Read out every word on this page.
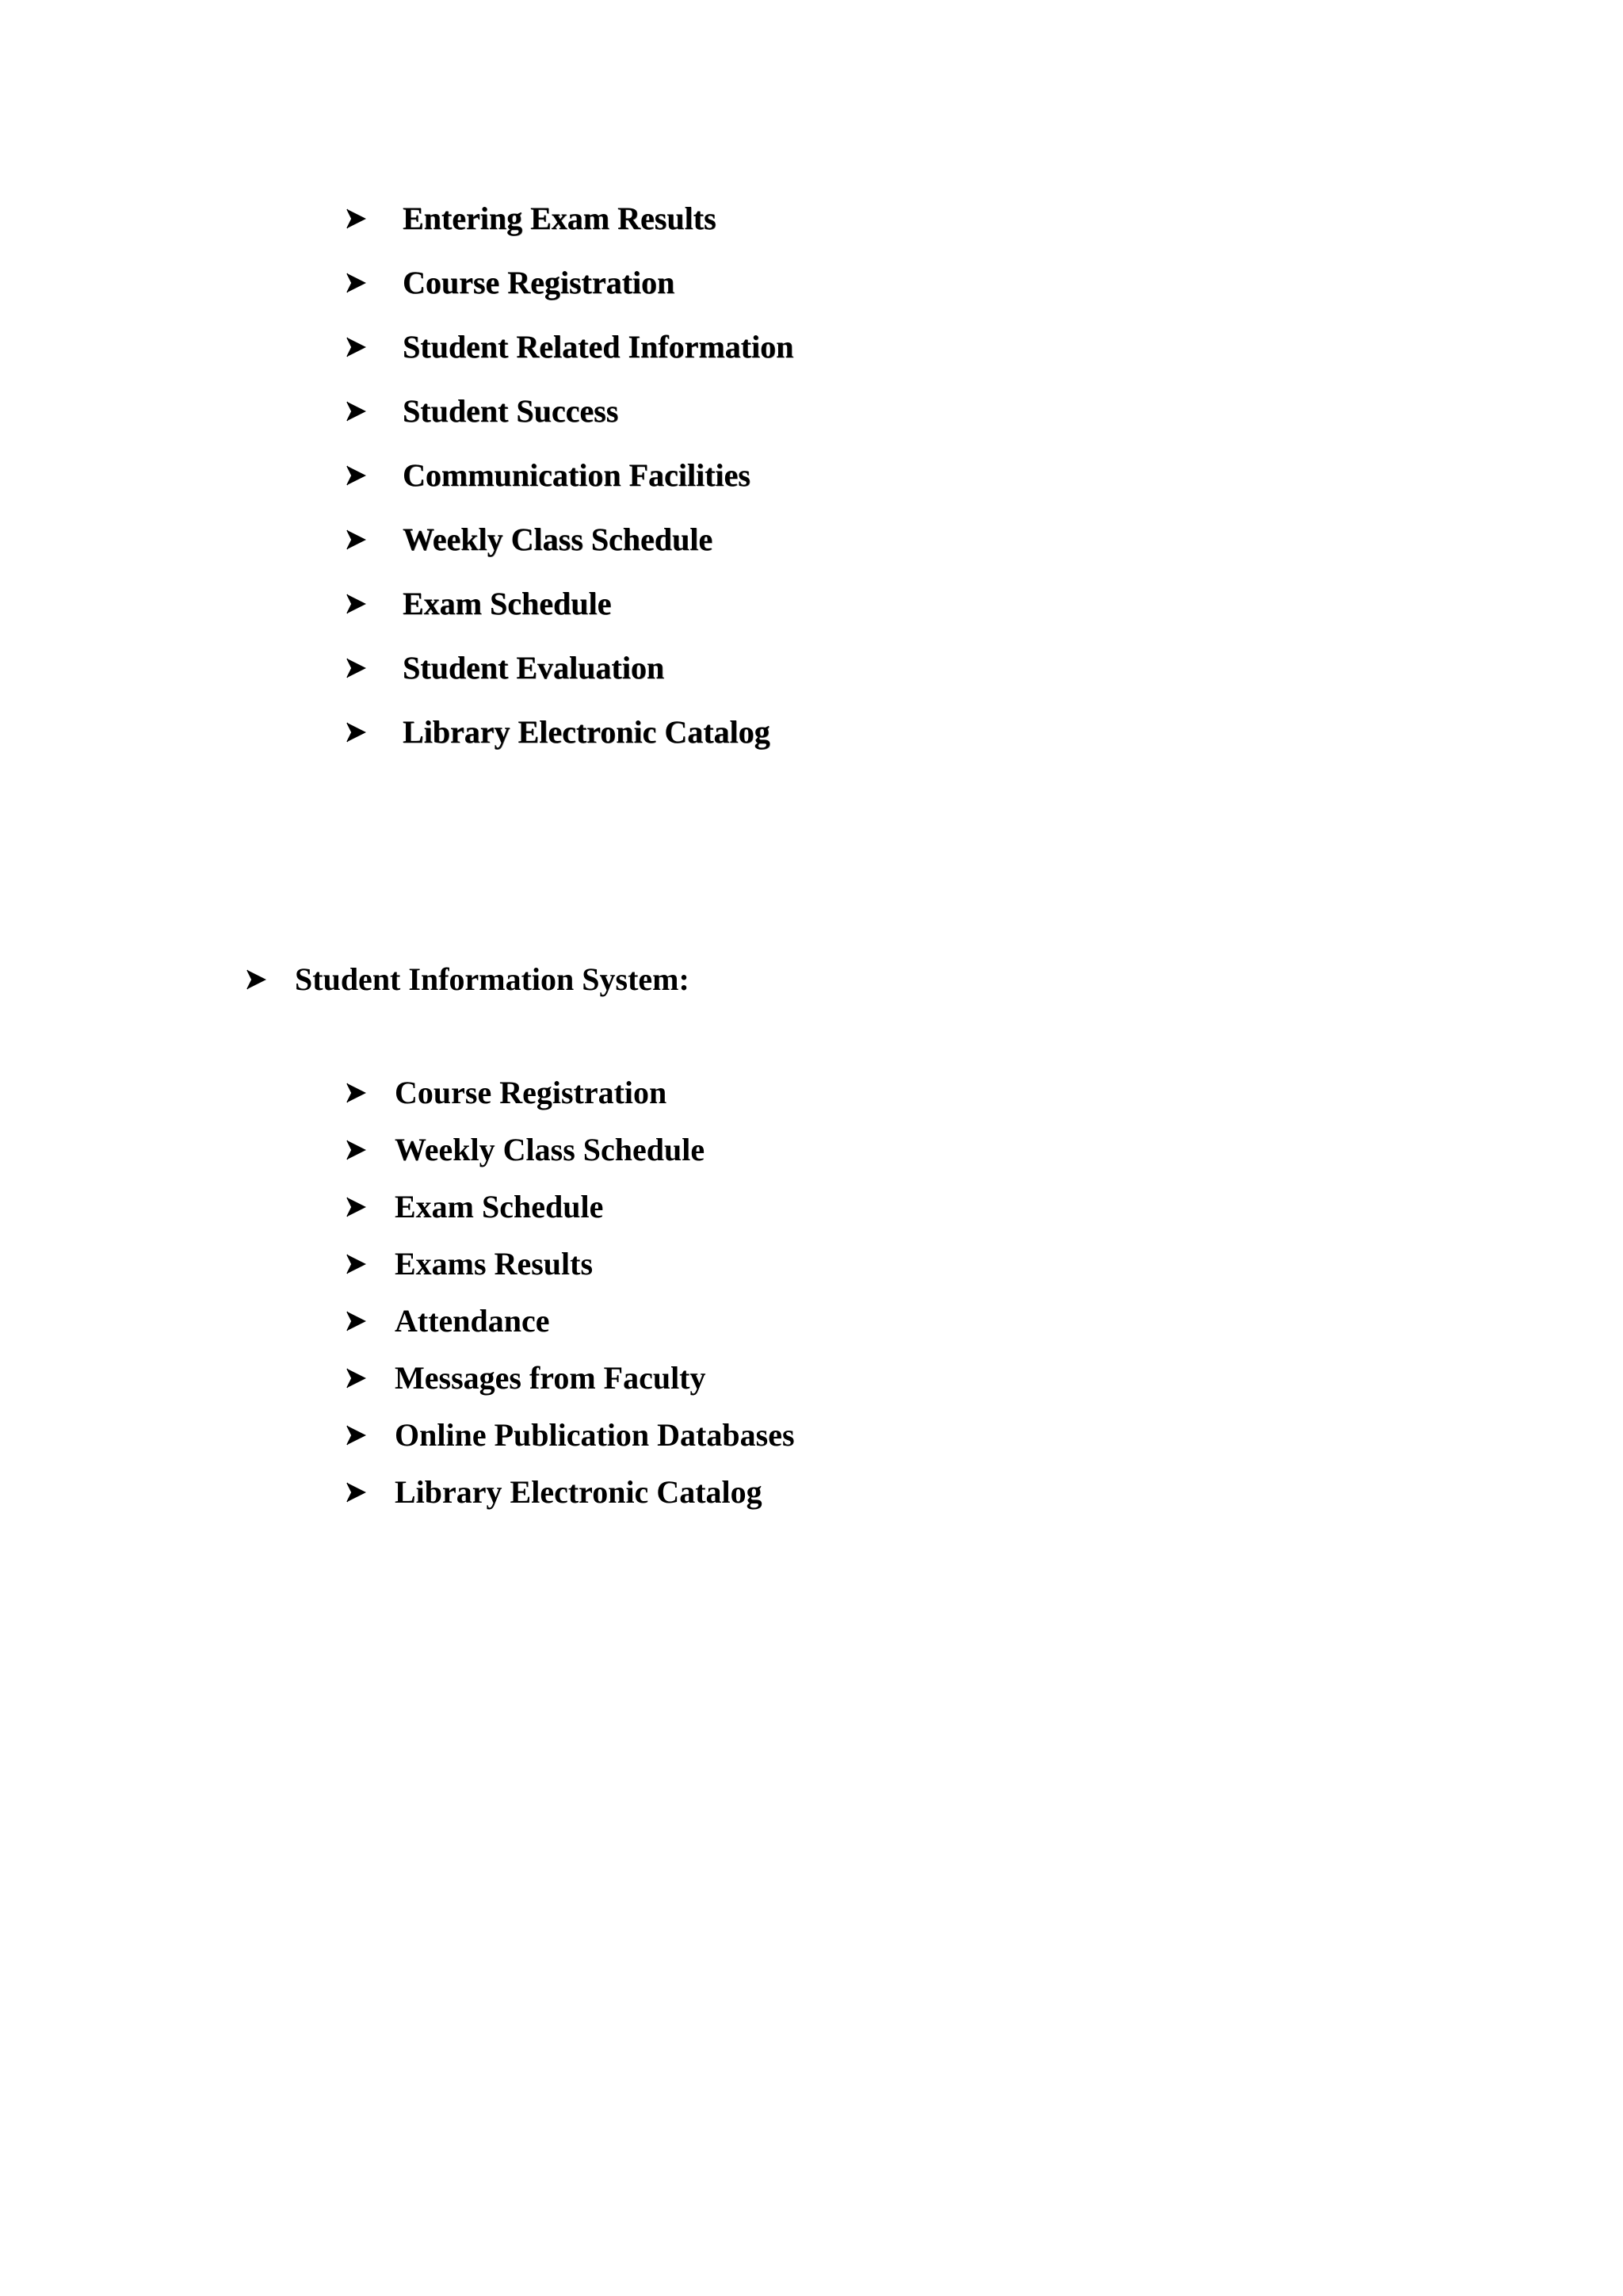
Entering Exam Results
Course Registration
Student Related Information
Student Success
Communication Facilities
Weekly Class Schedule
Exam Schedule
Student Evaluation
Library Electronic Catalog
Student Information System:
Course Registration
Weekly Class Schedule
Exam Schedule
Exams Results
Attendance
Messages from Faculty
Online Publication Databases
Library Electronic Catalog
